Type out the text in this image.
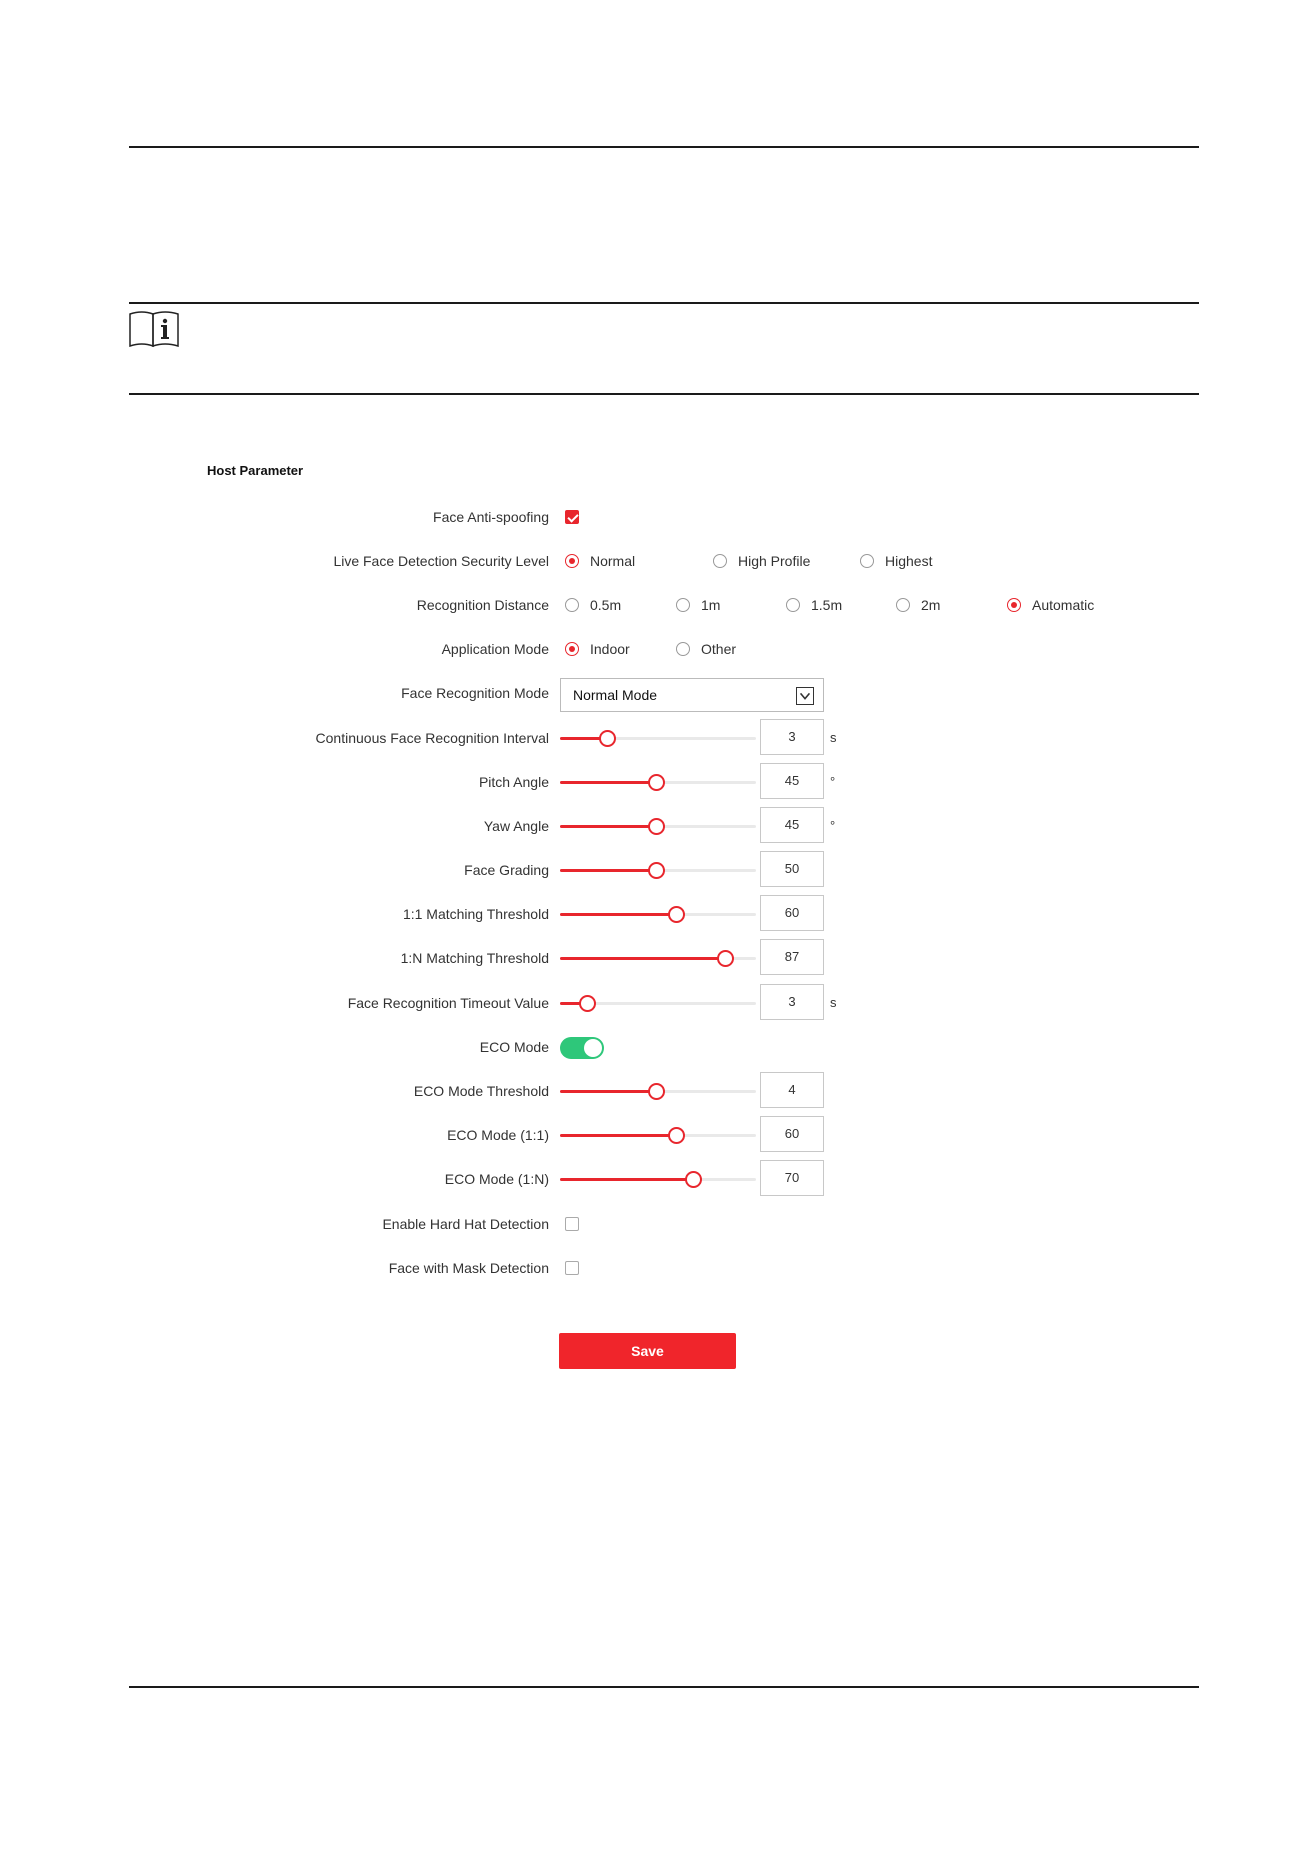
Host Parameter
Face Anti-spoofing
Live Face Detection Security Level	Normal	High Profile	Highest
Recognition Distance	0.5m	1m	1.5m	2m	Automatic
Application Mode	Indoor	Other
Face Recognition Mode Normal Mode
Continuous Face Recognition Interval	3	s
Pitch Angle	45	°
Yaw Angle	45	°
Face Grading	50
1:1 Matching Threshold	60
1:N Matching Threshold	87
Face Recognition Timeout Value	3	s
ECO Mode
ECO Mode Threshold	4
ECO Mode (1:1)	60
ECO Mode (1:N)	70
Enable Hard Hat Detection
Face with Mask Detection
Save
